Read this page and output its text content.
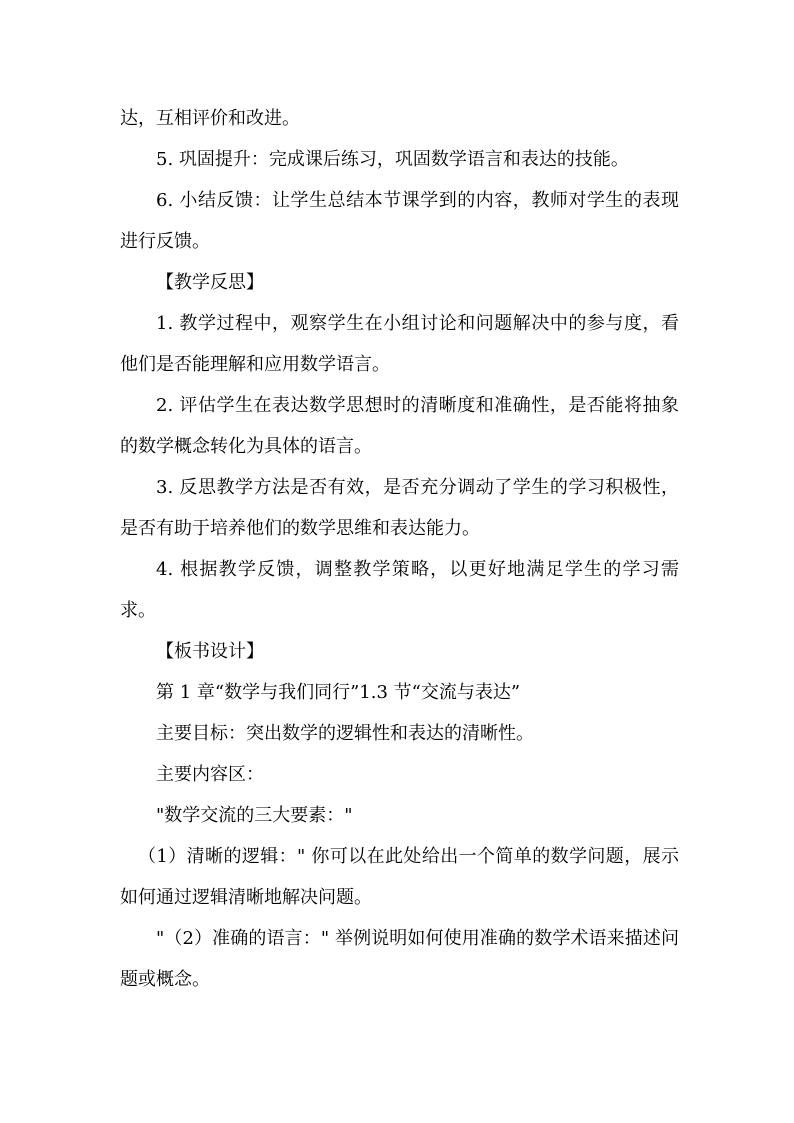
达，互相评价和改进。

5. 巩固提升：完成课后练习，巩固数学语言和表达的技能。

6. 小结反馈：让学生总结本节课学到的内容，教师对学生的表现进行反馈。

【教学反思】

1. 教学过程中，观察学生在小组讨论和问题解决中的参与度，看他们是否能理解和应用数学语言。

2. 评估学生在表达数学思想时的清晰度和准确性，是否能将抽象的数学概念转化为具体的语言。

3. 反思教学方法是否有效，是否充分调动了学生的学习积极性，是否有助于培养他们的数学思维和表达能力。

4. 根据教学反馈，调整教学策略，以更好地满足学生的学习需求。

【板书设计】

第 1 章“数学与我们同行”1.3 节“交流与表达”

主要目标：突出数学的逻辑性和表达的清晰性。

主要内容区：

"数学交流的三大要素："

（1）清晰的逻辑：" 你可以在此处给出一个简单的数学问题，展示如何通过逻辑清晰地解决问题。

"（2）准确的语言：" 举例说明如何使用准确的数学术语来描述问题或概念。
